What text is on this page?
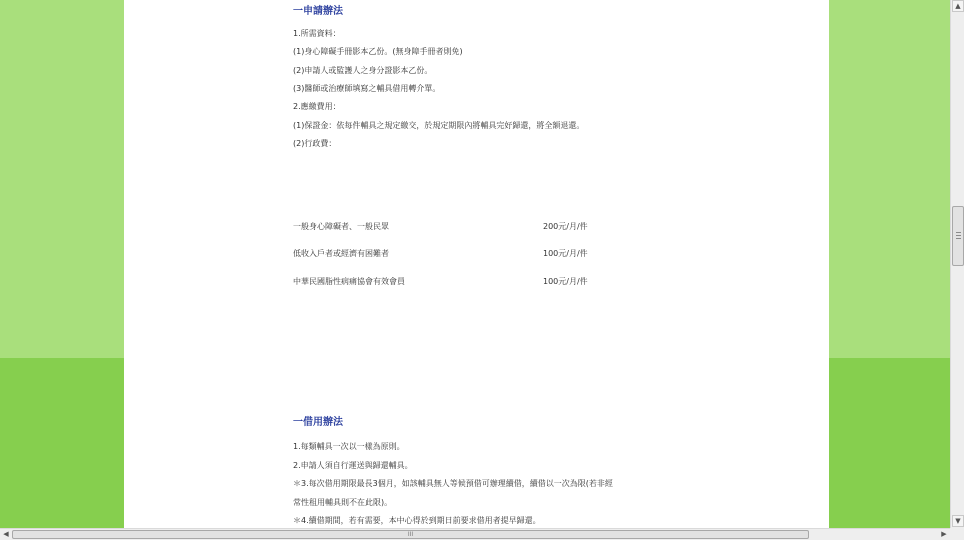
一申請辦法
1.所需資料：
(1)身心障礙手冊影本乙份。(無身障手冊者則免)
(2)申請人或監護人之身分證影本乙份。
(3)醫師或治療師填寫之輔具借用轉介單。
2.應繳費用：
(1)保證金：依每件輔具之規定繳交，於規定期限內將輔具完好歸還，將全額退還。
(2)行政費：
一般身心障礙者、一般民眾	200元/月/件
低收入戶者或經濟有困難者	100元/月/件
中華民國脂性病痛協會有效會員	100元/月/件
一借用辦法
1.每類輔具一次以一樣為原則。
2.申請人須自行運送與歸還輔具。
＊3.每次借用期限最長3個月，如該輔具無人等候預借可辦理續借，續借以一次為限(若非經
常性租用輔具則不在此限)。
＊4.續借期間，若有需要，本中心得於到期日前要求借用者提早歸還。
▲
▼
◀	III	▶
